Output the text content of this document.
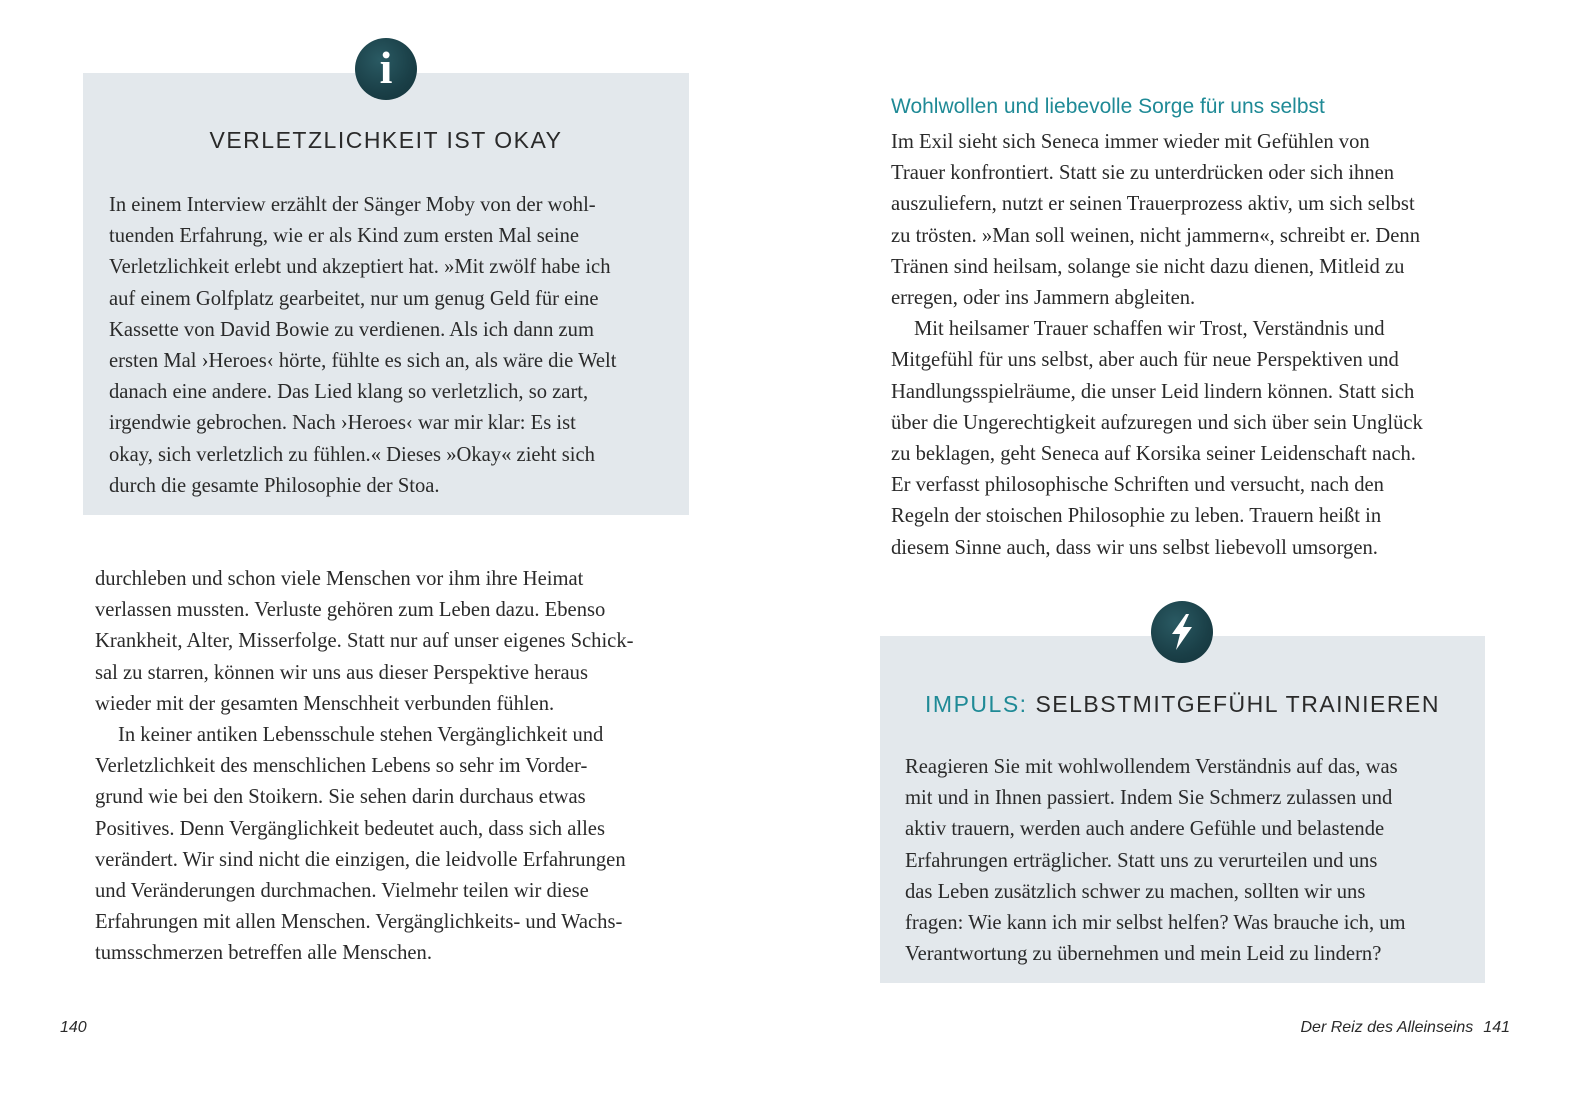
VERLETZLICHKEIT IST OKAY
In einem Interview erzählt der Sänger Moby von der wohl-
tuenden Erfahrung, wie er als Kind zum ersten Mal seine
Verletzlichkeit erlebt und akzeptiert hat. »Mit zwölf habe ich
auf einem Golfplatz gearbeitet, nur um genug Geld für eine
Kassette von David Bowie zu verdienen. Als ich dann zum
ersten Mal ›Heroes‹ hörte, fühlte es sich an, als wäre die Welt
danach eine andere. Das Lied klang so verletzlich, so zart,
irgendwie gebrochen. Nach ›Heroes‹ war mir klar: Es ist
okay, sich verletzlich zu fühlen.« Dieses »Okay« zieht sich
durch die gesamte Philosophie der Stoa.
i
durchleben und schon viele Menschen vor ihm ihre Heimat
verlassen mussten. Verluste gehören zum Leben dazu. Ebenso
Krankheit, Alter, Misserfolge. Statt nur auf unser eigenes Schick-
sal zu starren, können wir uns aus dieser Perspektive heraus
wieder mit der gesamten Menschheit verbunden fühlen.
In keiner antiken Lebensschule stehen Vergänglichkeit und
Verletzlichkeit des menschlichen Lebens so sehr im Vorder-
grund wie bei den Stoikern. Sie sehen darin durchaus etwas
Positives. Denn Vergänglichkeit bedeutet auch, dass sich alles
verändert. Wir sind nicht die einzigen, die leidvolle Erfahrungen
und Veränderungen durchmachen. Vielmehr teilen wir diese
Erfahrungen mit allen Menschen. Vergänglichkeits- und Wachs-
tumsschmerzen betreffen alle Menschen.
140
Wohlwollen und liebevolle Sorge für uns selbst
Im Exil sieht sich Seneca immer wieder mit Gefühlen von
Trauer konfrontiert. Statt sie zu unterdrücken oder sich ihnen
auszuliefern, nutzt er seinen Trauerprozess aktiv, um sich selbst
zu trösten. »Man soll weinen, nicht jammern«, schreibt er. Denn
Tränen sind heilsam, solange sie nicht dazu dienen, Mitleid zu
erregen, oder ins Jammern abgleiten.
Mit heilsamer Trauer schaffen wir Trost, Verständnis und
Mitgefühl für uns selbst, aber auch für neue Perspektiven und
Handlungsspielräume, die unser Leid lindern können. Statt sich
über die Ungerechtigkeit aufzuregen und sich über sein Unglück
zu beklagen, geht Seneca auf Korsika seiner Leidenschaft nach.
Er verfasst philosophische Schriften und versucht, nach den
Regeln der stoischen Philosophie zu leben. Trauern heißt in
diesem Sinne auch, dass wir uns selbst liebevoll umsorgen.
IMPULS: SELBSTMITGEFÜHL TRAINIEREN
Reagieren Sie mit wohlwollendem Verständnis auf das, was
mit und in Ihnen passiert. Indem Sie Schmerz zulassen und
aktiv trauern, werden auch andere Gefühle und belastende
Erfahrungen erträglicher. Statt uns zu verurteilen und uns
das Leben zusätzlich schwer zu machen, sollten wir uns
fragen: Wie kann ich mir selbst helfen? Was brauche ich, um
Verantwortung zu übernehmen und mein Leid zu lindern?
Der Reiz des Alleinseins 141
